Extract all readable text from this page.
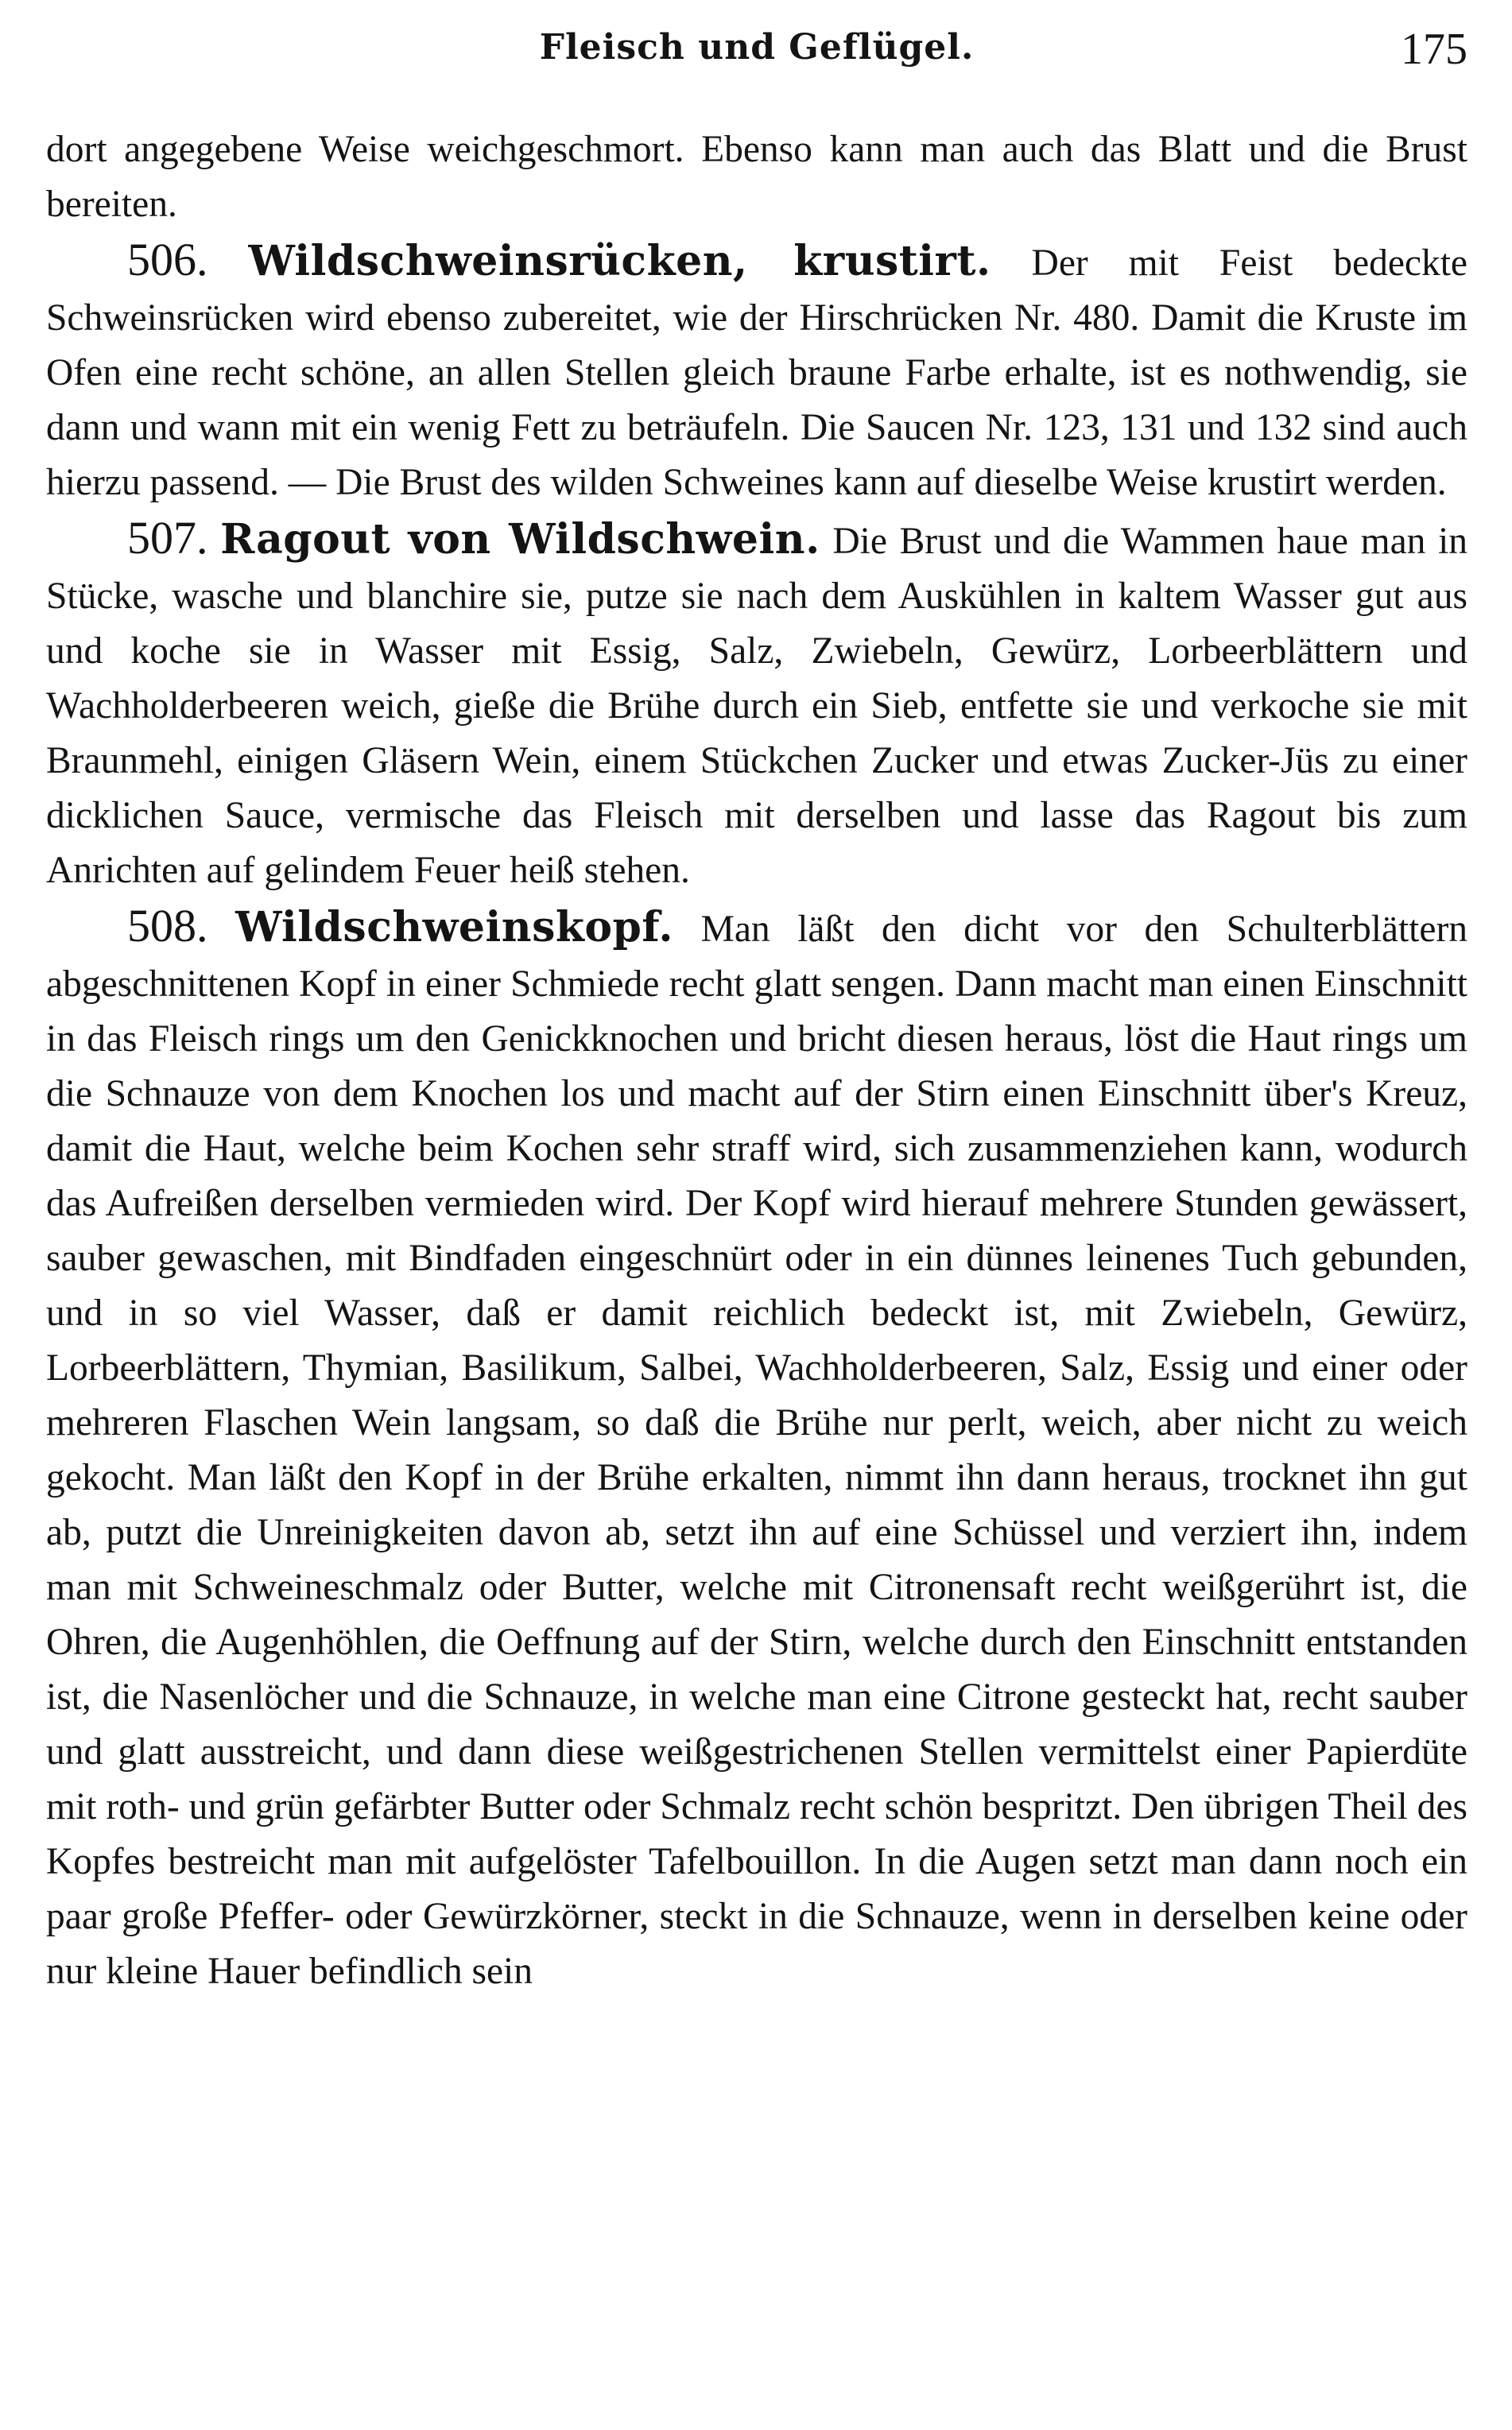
Fleisch und Geflügel.	175

dort angegebene Weise weichgeschmort. Ebenso kann man auch das Blatt und die Brust bereiten.

506. Wildschweinsrücken, krustirt. Der mit Feist bedeckte Schweinsrücken wird ebenso zubereitet, wie der Hirschrücken Nr. 480. Damit die Kruste im Ofen eine recht schöne, an allen Stellen gleich braune Farbe erhalte, ist es nothwendig, sie dann und wann mit ein wenig Fett zu beträufeln. Die Saucen Nr. 123, 131 und 132 sind auch hierzu passend. — Die Brust des wilden Schweines kann auf dieselbe Weise krustirt werden.

507. Ragout von Wildschwein. Die Brust und die Wammen haue man in Stücke, wasche und blanchire sie, putze sie nach dem Auskühlen in kaltem Wasser gut aus und koche sie in Wasser mit Essig, Salz, Zwiebeln, Gewürz, Lorbeerblättern und Wachholderbeeren weich, gieße die Brühe durch ein Sieb, entfette sie und verkoche sie mit Braunmehl, einigen Gläsern Wein, einem Stückchen Zucker und etwas Zucker-Jüs zu einer dicklichen Sauce, vermische das Fleisch mit derselben und lasse das Ragout bis zum Anrichten auf gelindem Feuer heiß stehen.

508. Wildschweinskopf. Man läßt den dicht vor den Schulterblättern abgeschnittenen Kopf in einer Schmiede recht glatt sengen. Dann macht man einen Einschnitt in das Fleisch rings um den Genickknochen und bricht diesen heraus, löst die Haut rings um die Schnauze von dem Knochen los und macht auf der Stirn einen Einschnitt über's Kreuz, damit die Haut, welche beim Kochen sehr straff wird, sich zusammenziehen kann, wodurch das Aufreißen derselben vermieden wird. Der Kopf wird hierauf mehrere Stunden gewässert, sauber gewaschen, mit Bindfaden eingeschnürt oder in ein dünnes leinenes Tuch gebunden, und in so viel Wasser, daß er damit reichlich bedeckt ist, mit Zwiebeln, Gewürz, Lorbeerblättern, Thymian, Basilikum, Salbei, Wachholderbeeren, Salz, Essig und einer oder mehreren Flaschen Wein langsam, so daß die Brühe nur perlt, weich, aber nicht zu weich gekocht. Man läßt den Kopf in der Brühe erkalten, nimmt ihn dann heraus, trocknet ihn gut ab, putzt die Unreinigkeiten davon ab, setzt ihn auf eine Schüssel und verziert ihn, indem man mit Schweineschmalz oder Butter, welche mit Citronensaft recht weißgerührt ist, die Ohren, die Augenhöhlen, die Oeffnung auf der Stirn, welche durch den Einschnitt entstanden ist, die Nasenlöcher und die Schnauze, in welche man eine Citrone gesteckt hat, recht sauber und glatt ausstreicht, und dann diese weißgestrichenen Stellen vermittelst einer Papierdüte mit roth- und grün gefärbter Butter oder Schmalz recht schön bespritzt. Den übrigen Theil des Kopfes bestreicht man mit aufgelöster Tafelbouillon. In die Augen setzt man dann noch ein paar große Pfeffer- oder Gewürzkörner, steckt in die Schnauze, wenn in derselben keine oder nur kleine Hauer befindlich sein
